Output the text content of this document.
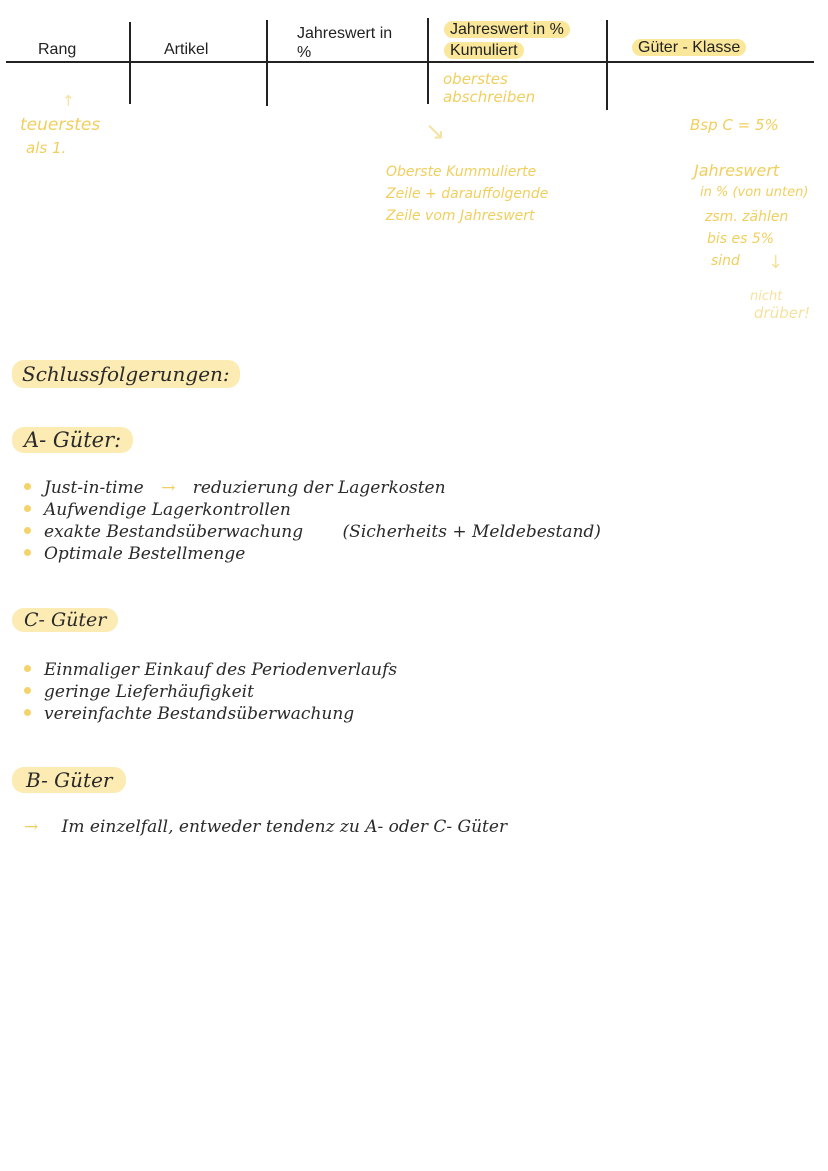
Rang	Artikel
Jahreswert in %
Jahreswert in %
Kumuliert	Güter - Klasse
↑
teuerstes
als 1.
oberstes
abschreiben
↘
Oberste Kummulierte
Zeile + darauffolgende
Zeile vom Jahreswert
Bsp C = 5%
Jahreswert
in % (von unten)
zsm. zählen
bis es 5%
sind ↓
nicht
drüber!
Schlussfolgerungen:
A- Güter:
Just-in-time → reduzierung der Lagerkosten
Aufwendige Lagerkontrollen
exakte Bestandsüberwachung (Sicherheits + Meldebestand)
Optimale Bestellmenge
C- Güter
Einmaliger Einkauf des Periodenverlaufs
geringe Lieferhäufigkeit
vereinfachte Bestandsüberwachung
B- Güter
→ Im einzelfall, entweder tendenz zu A- oder C- Güter
